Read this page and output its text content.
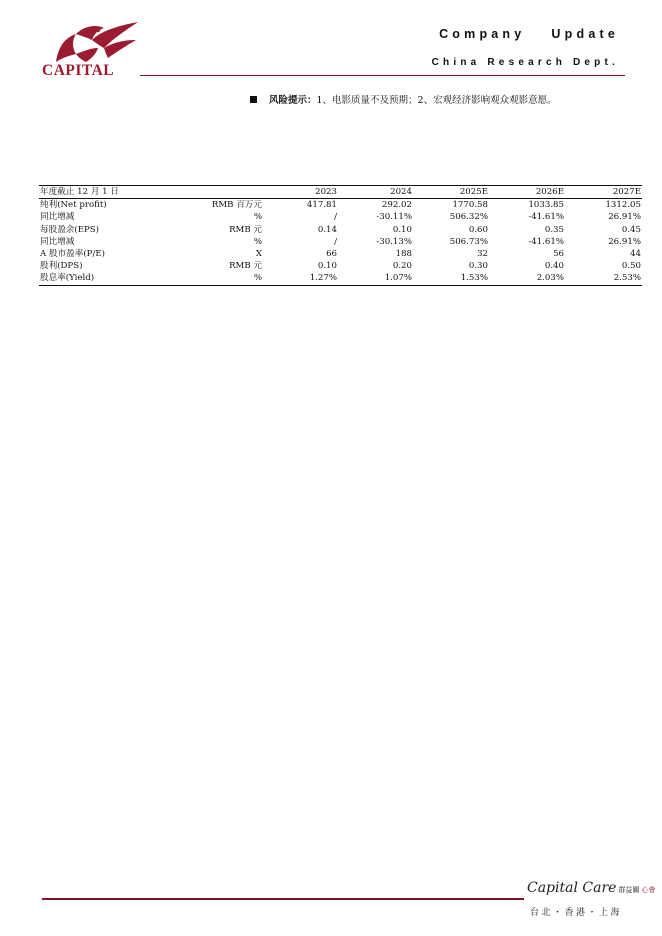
CAPITAL
Company Update
China Research Dept.
风险提示：1、电影质量不及预期；2、宏观经济影响观众观影意愿。
年度截止 12 月 1 日		2023	2024	2025E	2026E	2027E
纯利(Net profit)	RMB 百万元	417.81	292.02	1770.58	1033.85	1312.05
同比增减	%	/	-30.11%	506.32%	-41.61%	26.91%
每股盈余(EPS)	RMB 元	0.14	0.10	0.60	0.35	0.45
同比增减	%	/	-30.13%	506.73%	-41.61%	26.91%
A 股市盈率(P/E)	X	66	188	32	56	44
股利(DPS)	RMB 元	0.10	0.20	0.30	0.40	0.50
股息率(Yield)	%	1.27%	1.07%	1.53%	2.03%	2.53%
Capital Care 群益關 心會
台北・香港・上海
